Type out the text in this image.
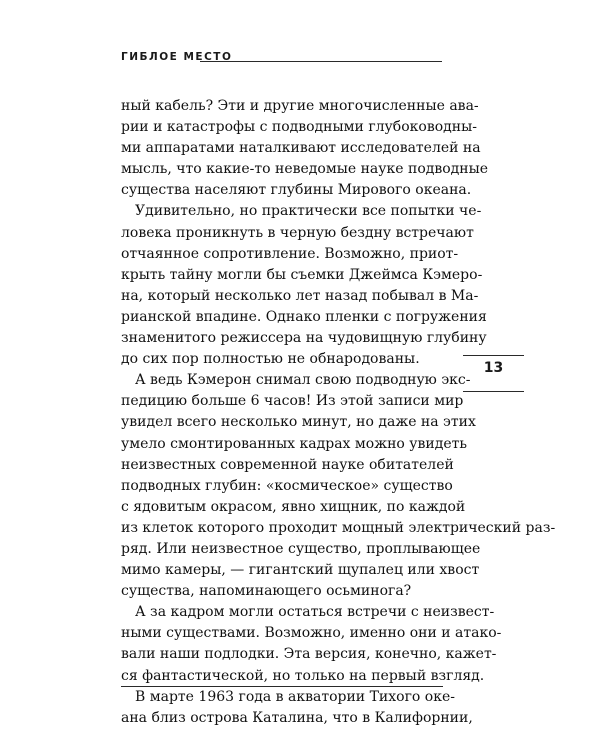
ГИБЛОЕ МЕСТО

ный кабель? Эти и другие многочисленные ава-
рии и катастрофы с подводными глубоководны-
ми аппаратами наталкивают исследователей на
мысль, что какие-то неведомые науке подводные
существа населяют глубины Мирового океана.

Удивительно, но практически все попытки че-
ловека проникнуть в черную бездну встречают
отчаянное сопротивление. Возможно, приот-
крыть тайну могли бы съемки Джеймса Кэмеро-
на, который несколько лет назад побывал в Ма-
рианской впадине. Однако пленки с погружения
знаменитого режиссера на чудовищную глубину
до сих пор полностью не обнародованы.

А ведь Кэмерон снимал свою подводную экс-
педицию больше 6 часов! Из этой записи мир
увидел всего несколько минут, но даже на этих
умело смонтированных кадрах можно увидеть
неизвестных современной науке обитателей
подводных глубин: «космическое» существо
с ядовитым окрасом, явно хищник, по каждой
из клеток которого проходит мощный электрический раз-
ряд. Или неизвестное существо, проплывающее
мимо камеры, — гигантский щупалец или хвост
существа, напоминающего осьминога?

А за кадром могли остаться встречи с неизвест-
ными существами. Возможно, именно они и атако-
вали наши подлодки. Эта версия, конечно, кажет-
ся фантастической, но только на первый взгляд.

В марте 1963 года в акватории Тихого оке-
ана близ острова Каталина, что в Калифорнии,

13
